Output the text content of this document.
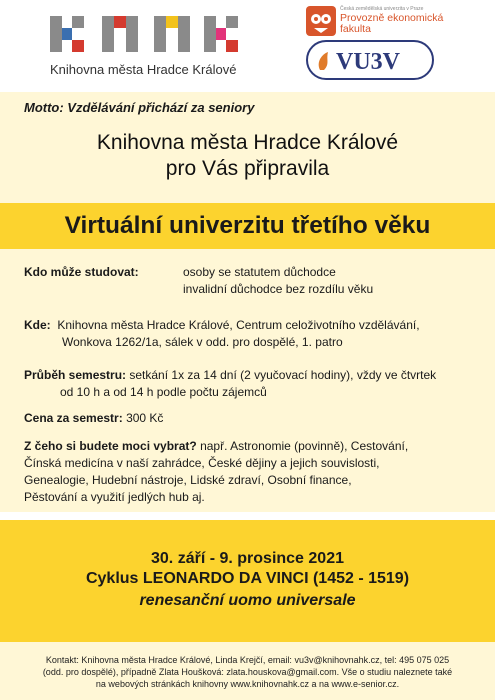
Knihovna města Hradce Králové
Česká zemědělská univerzita v Praze
Provozně ekonomická
fakulta
VU3V
Motto: Vzdělávání přichází za seniory
Knihovna města Hradce Králové
pro Vás připravila
Virtuální univerzitu třetího věku
Kdo může studovat:	osoby se statutem důchodce
invalidní důchodce bez rozdílu věku
Kde: Knihovna města Hradce Králové, Centrum celoživotního vzdělávání,
Wonkova 1262/1a, sálek v odd. pro dospělé, 1. patro
Průběh semestru: setkání 1x za 14 dní (2 vyučovací hodiny), vždy ve čtvrtek
od 10 h a od 14 h podle počtu zájemců
Cena za semestr: 300 Kč
Z čeho si budete moci vybrat? např. Astronomie (povinně), Cestování,
Čínská medicína v naší zahrádce, České dějiny a jejich souvislosti,
Genealogie, Hudební nástroje, Lidské zdraví, Osobní finance,
Pěstování a využití jedlých hub aj.
30. září - 9. prosince 2021
Cyklus LEONARDO DA VINCI (1452 - 1519)
renesanční uomo universale
Kontakt: Knihovna města Hradce Králové, Linda Krejčí, email: vu3v@knihovnahk.cz, tel: 495 075 025
(odd. pro dospělé), případně Zlata Houšková: zlata.houskova@gmail.com. Vše o studiu naleznete také
na webových stránkách knihovny www.knihovnahk.cz a na www.e-senior.cz.
